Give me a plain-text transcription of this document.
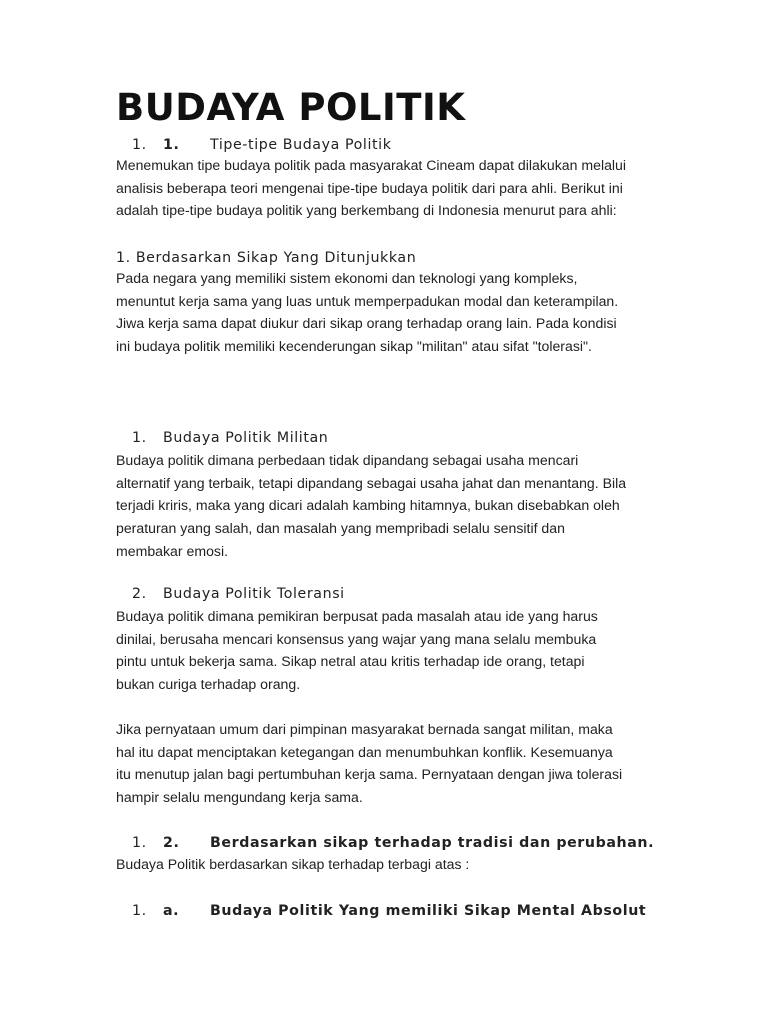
BUDAYA POLITIK
1. 1. Tipe-tipe Budaya Politik
Menemukan tipe budaya politik pada masyarakat Cineam dapat dilakukan melalui
analisis beberapa teori mengenai tipe-tipe budaya politik dari para ahli. Berikut ini
adalah tipe-tipe budaya politik yang berkembang di Indonesia menurut para ahli:
1. Berdasarkan Sikap Yang Ditunjukkan
Pada negara yang memiliki sistem ekonomi dan teknologi yang kompleks,
menuntut kerja sama yang luas untuk memperpadukan modal dan keterampilan.
Jiwa kerja sama dapat diukur dari sikap orang terhadap orang lain. Pada kondisi
ini budaya politik memiliki kecenderungan sikap "militan" atau sifat "tolerasi".
1. Budaya Politik Militan
Budaya politik dimana perbedaan tidak dipandang sebagai usaha mencari
alternatif yang terbaik, tetapi dipandang sebagai usaha jahat dan menantang. Bila
terjadi kriris, maka yang dicari adalah kambing hitamnya, bukan disebabkan oleh
peraturan yang salah, dan masalah yang mempribadi selalu sensitif dan
membakar emosi.
2. Budaya Politik Toleransi
Budaya politik dimana pemikiran berpusat pada masalah atau ide yang harus
dinilai, berusaha mencari konsensus yang wajar yang mana selalu membuka
pintu untuk bekerja sama. Sikap netral atau kritis terhadap ide orang, tetapi
bukan curiga terhadap orang.
Jika pernyataan umum dari pimpinan masyarakat bernada sangat militan, maka
hal itu dapat menciptakan ketegangan dan menumbuhkan konflik. Kesemuanya
itu menutup jalan bagi pertumbuhan kerja sama. Pernyataan dengan jiwa tolerasi
hampir selalu mengundang kerja sama.
1. 2. Berdasarkan sikap terhadap tradisi dan perubahan.
Budaya Politik berdasarkan sikap terhadap terbagi atas :
1. a. Budaya Politik Yang memiliki Sikap Mental Absolut
